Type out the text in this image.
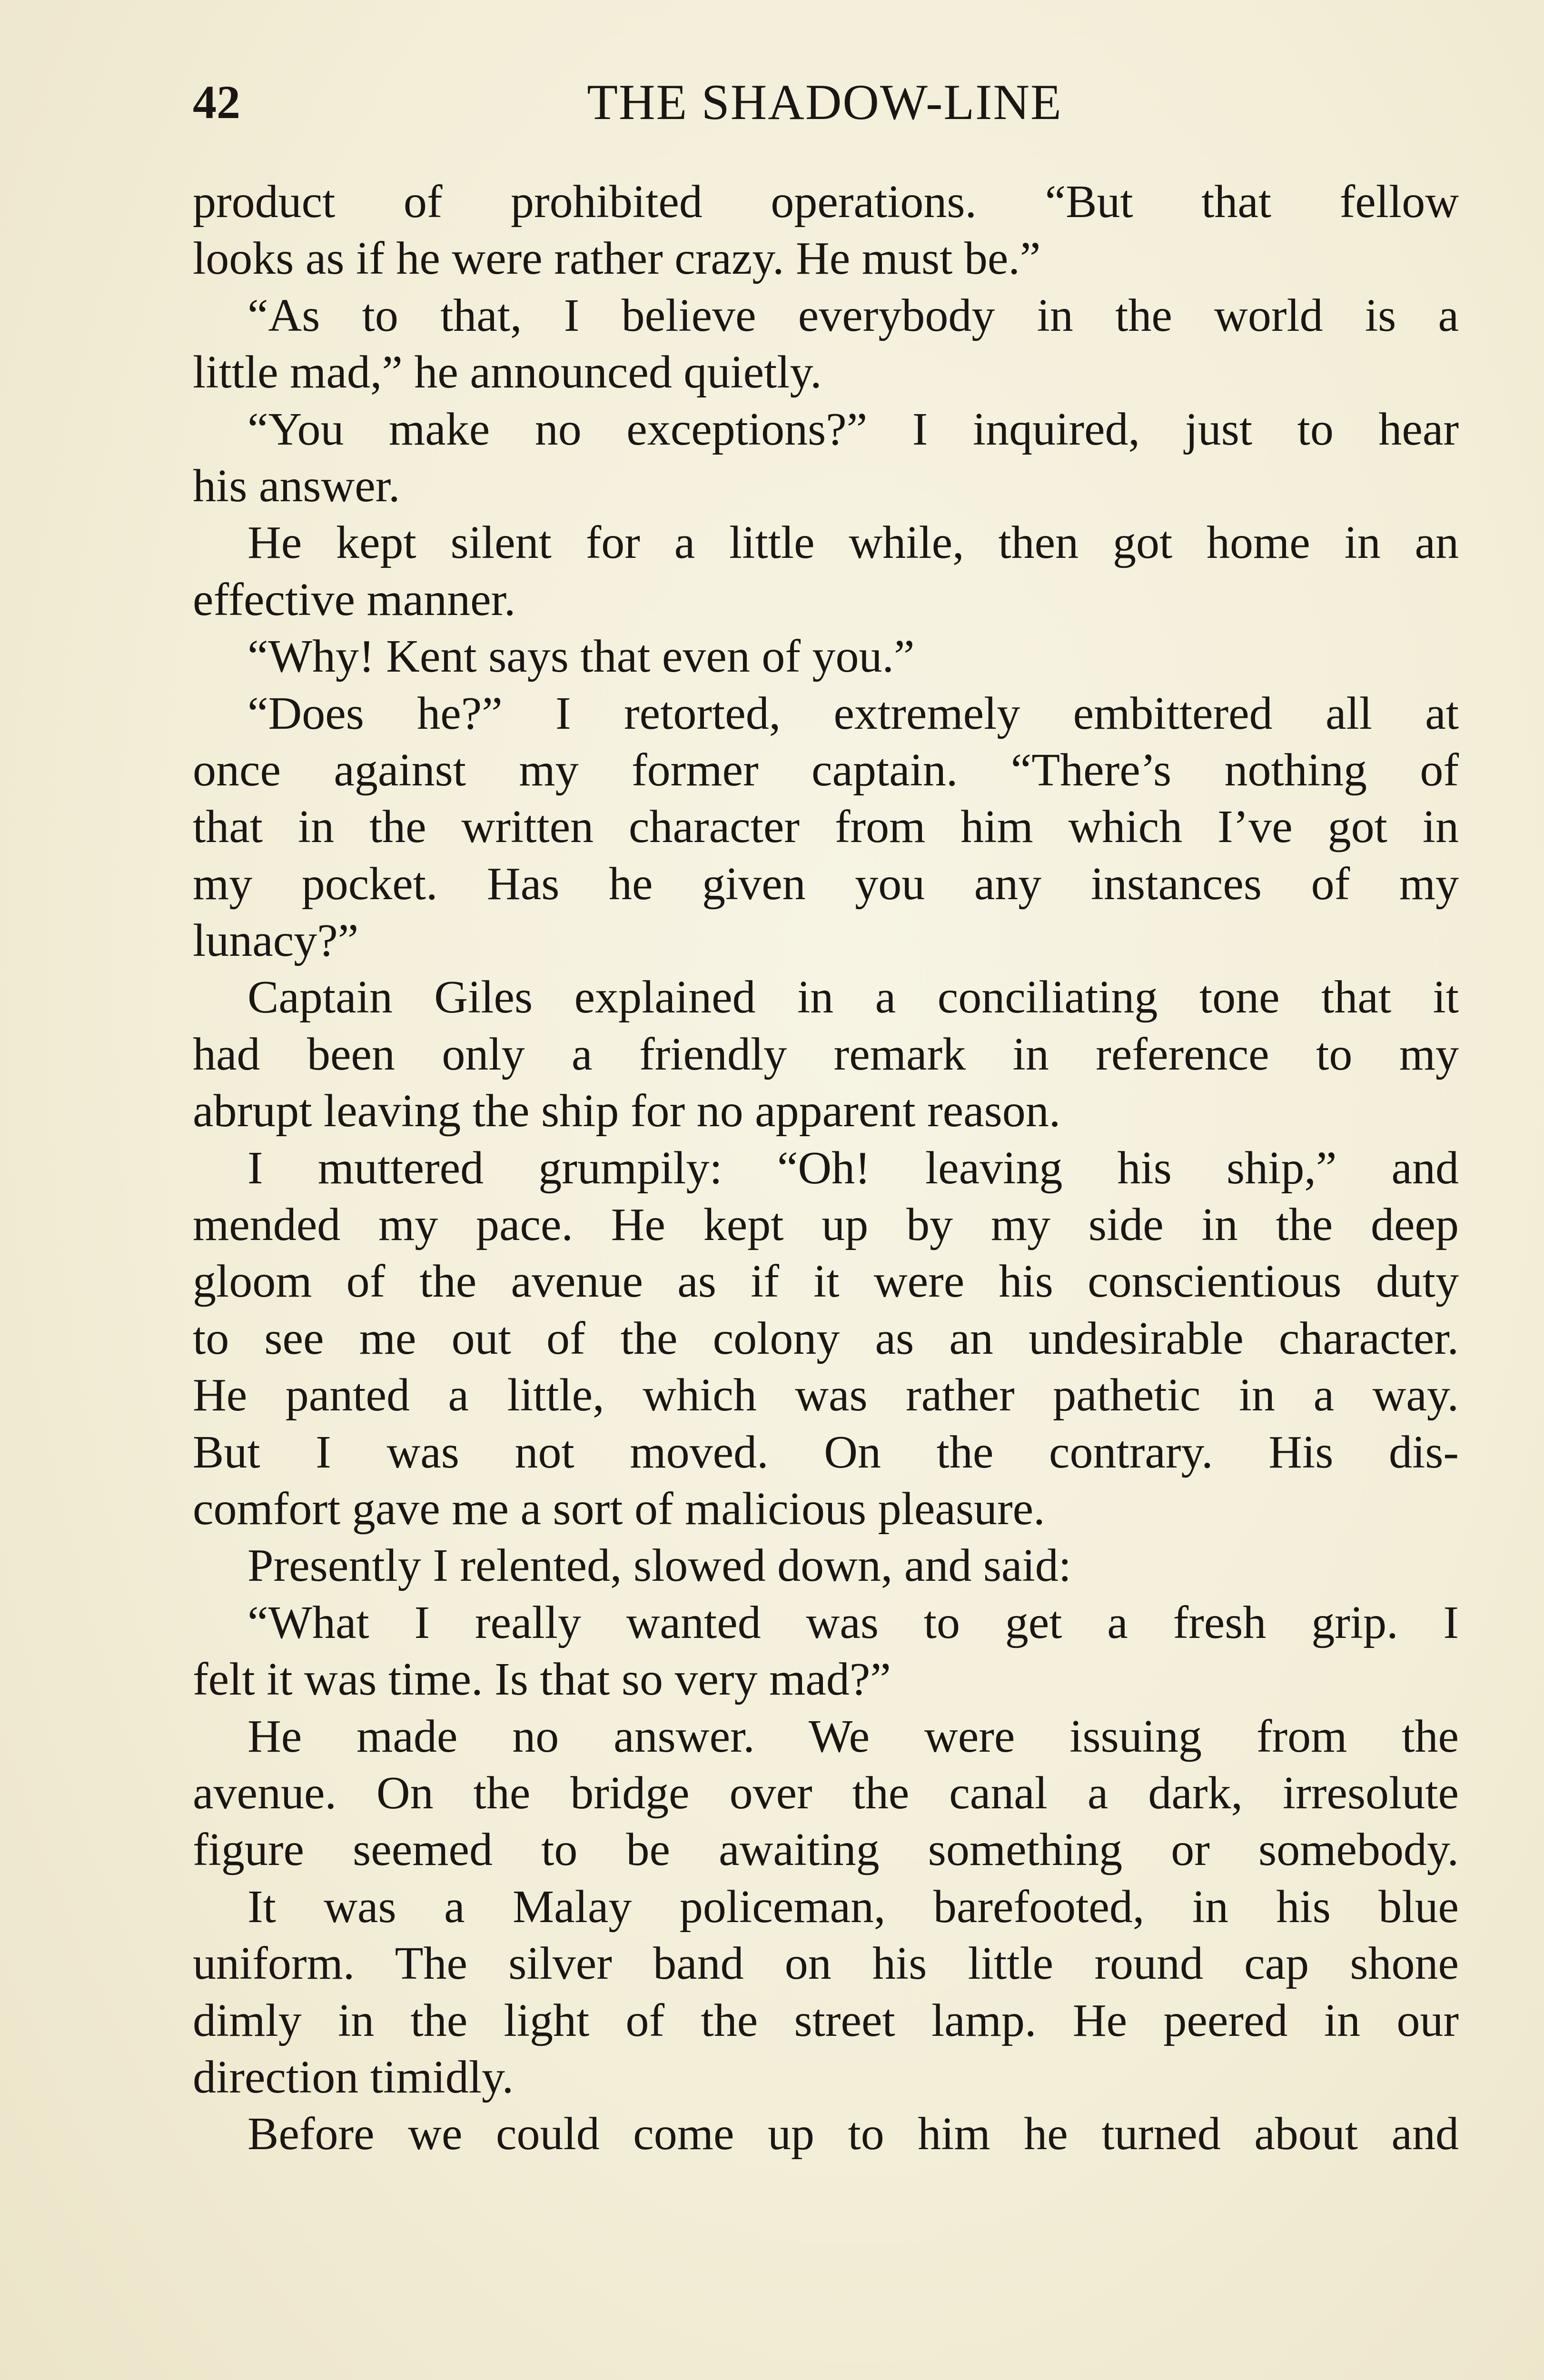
42	THE SHADOW-LINE
product of prohibited operations. “But that fellow
looks as if he were rather crazy. He must be.”
“As to that, I believe everybody in the world is a
little mad,” he announced quietly.
“You make no exceptions?” I inquired, just to hear
his answer.
He kept silent for a little while, then got home in an
effective manner.
“Why! Kent says that even of you.”
“Does he?” I retorted, extremely embittered all at
once against my former captain. “There’s nothing of
that in the written character from him which I’ve got in
my pocket. Has he given you any instances of my
lunacy?”
Captain Giles explained in a conciliating tone that it
had been only a friendly remark in reference to my
abrupt leaving the ship for no apparent reason.
I muttered grumpily: “Oh! leaving his ship,” and
mended my pace. He kept up by my side in the deep
gloom of the avenue as if it were his conscientious duty
to see me out of the colony as an undesirable character.
He panted a little, which was rather pathetic in a way.
But I was not moved. On the contrary. His dis-
comfort gave me a sort of malicious pleasure.
Presently I relented, slowed down, and said:
“What I really wanted was to get a fresh grip. I
felt it was time. Is that so very mad?”
He made no answer. We were issuing from the
avenue. On the bridge over the canal a dark, irresolute
figure seemed to be awaiting something or somebody.
It was a Malay policeman, barefooted, in his blue
uniform. The silver band on his little round cap shone
dimly in the light of the street lamp. He peered in our
direction timidly.
Before we could come up to him he turned about and
